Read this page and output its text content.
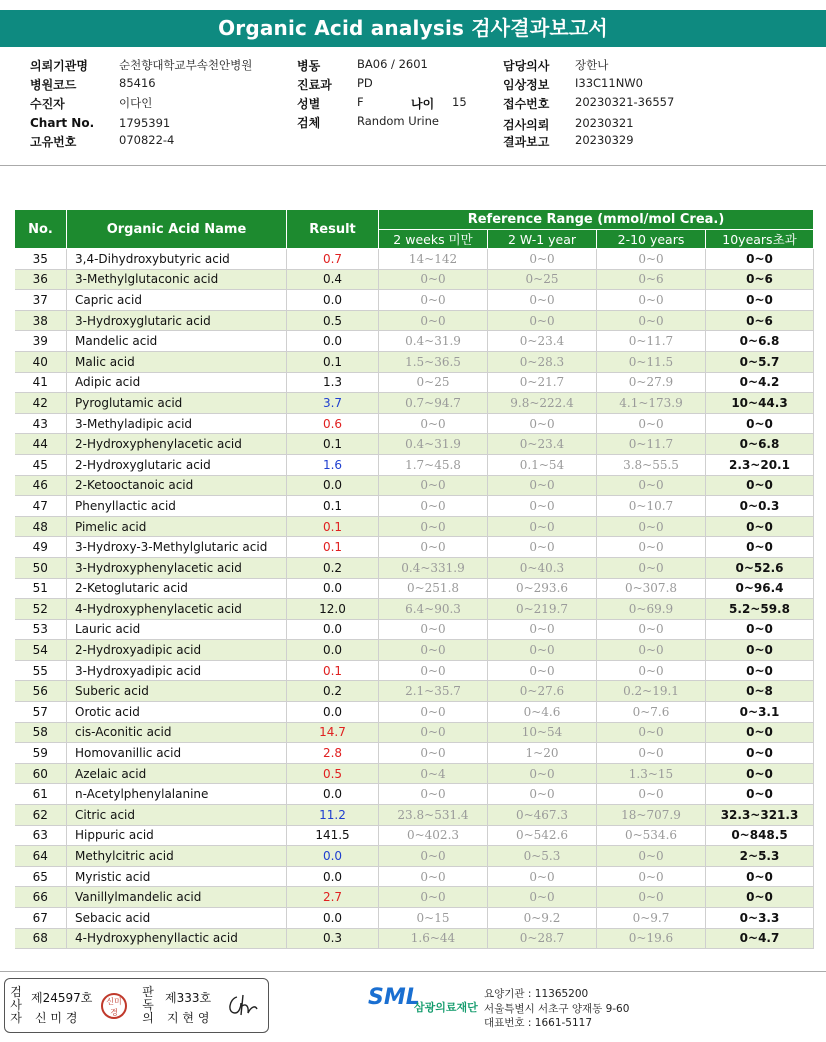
Organic Acid analysis 검사결과보고서
의뢰기관명	순천향대학교부속천안병원
병원코드	85416
수진자	이다인
Chart No. 1795391
고유번호	070822-4
병동	BA06 / 2601
진료과 PD
성별	F	나이 15
검체	Random Urine
담당의사 장한나
임상정보 I33C11NW0
접수번호 20230321-36557
검사의뢰 20230321
결과보고 20230329
No.	Organic Acid Name	Result	Reference Range (mmol/mol Crea.)			
			2 weeks 미만	2 W-1 year	2-10 years	10years초과
35	3,4-Dihydroxybutyric acid	0.7	14~142	0~0	0~0	0~0
36	3-Methylglutaconic acid	0.4	0~0	0~25	0~6	0~6
37	Capric acid	0.0	0~0	0~0	0~0	0~0
38	3-Hydroxyglutaric acid	0.5	0~0	0~0	0~0	0~6
39	Mandelic acid	0.0	0.4~31.9	0~23.4	0~11.7	0~6.8
40	Malic acid	0.1	1.5~36.5	0~28.3	0~11.5	0~5.7
41	Adipic acid	1.3	0~25	0~21.7	0~27.9	0~4.2
42	Pyroglutamic acid	3.7	0.7~94.7	9.8~222.4	4.1~173.9	10~44.3
43	3-Methyladipic acid	0.6	0~0	0~0	0~0	0~0
44	2-Hydroxyphenylacetic acid	0.1	0.4~31.9	0~23.4	0~11.7	0~6.8
45	2-Hydroxyglutaric acid	1.6	1.7~45.8	0.1~54	3.8~55.5	2.3~20.1
46	2-Ketooctanoic acid	0.0	0~0	0~0	0~0	0~0
47	Phenyllactic acid	0.1	0~0	0~0	0~10.7	0~0.3
48	Pimelic acid	0.1	0~0	0~0	0~0	0~0
49	3-Hydroxy-3-Methylglutaric acid	0.1	0~0	0~0	0~0	0~0
50	3-Hydroxyphenylacetic acid	0.2	0.4~331.9	0~40.3	0~0	0~52.6
51	2-Ketoglutaric acid	0.0	0~251.8	0~293.6	0~307.8	0~96.4
52	4-Hydroxyphenylacetic acid	12.0	6.4~90.3	0~219.7	0~69.9	5.2~59.8
53	Lauric acid	0.0	0~0	0~0	0~0	0~0
54	2-Hydroxyadipic acid	0.0	0~0	0~0	0~0	0~0
55	3-Hydroxyadipic acid	0.1	0~0	0~0	0~0	0~0
56	Suberic acid	0.2	2.1~35.7	0~27.6	0.2~19.1	0~8
57	Orotic acid	0.0	0~0	0~4.6	0~7.6	0~3.1
58	cis-Aconitic acid	14.7	0~0	10~54	0~0	0~0
59	Homovanillic acid	2.8	0~0	1~20	0~0	0~0
60	Azelaic acid	0.5	0~4	0~0	1.3~15	0~0
61	n-Acetylphenylalanine	0.0	0~0	0~0	0~0	0~0
62	Citric acid	11.2	23.8~531.4	0~467.3	18~707.9	32.3~321.3
63	Hippuric acid	141.5	0~402.3	0~542.6	0~534.6	0~848.5
64	Methylcitric acid	0.0	0~0	0~5.3	0~0	2~5.3
65	Myristic acid	0.0	0~0	0~0	0~0	0~0
66	Vanillylmandelic acid	2.7	0~0	0~0	0~0	0~0
67	Sebacic acid	0.0	0~15	0~9.2	0~9.7	0~3.3
68	4-Hydroxyphenyllactic acid	0.3	1.6~44	0~28.7	0~19.6	0~4.7
검사자
제24597호
신 미 경
신미경
판독의
제333호
지 현 영
SML
삼광의료재단
요양기관 : 11365200
서울특별시 서초구 양재동 9-60
대표번호 : 1661-5117
